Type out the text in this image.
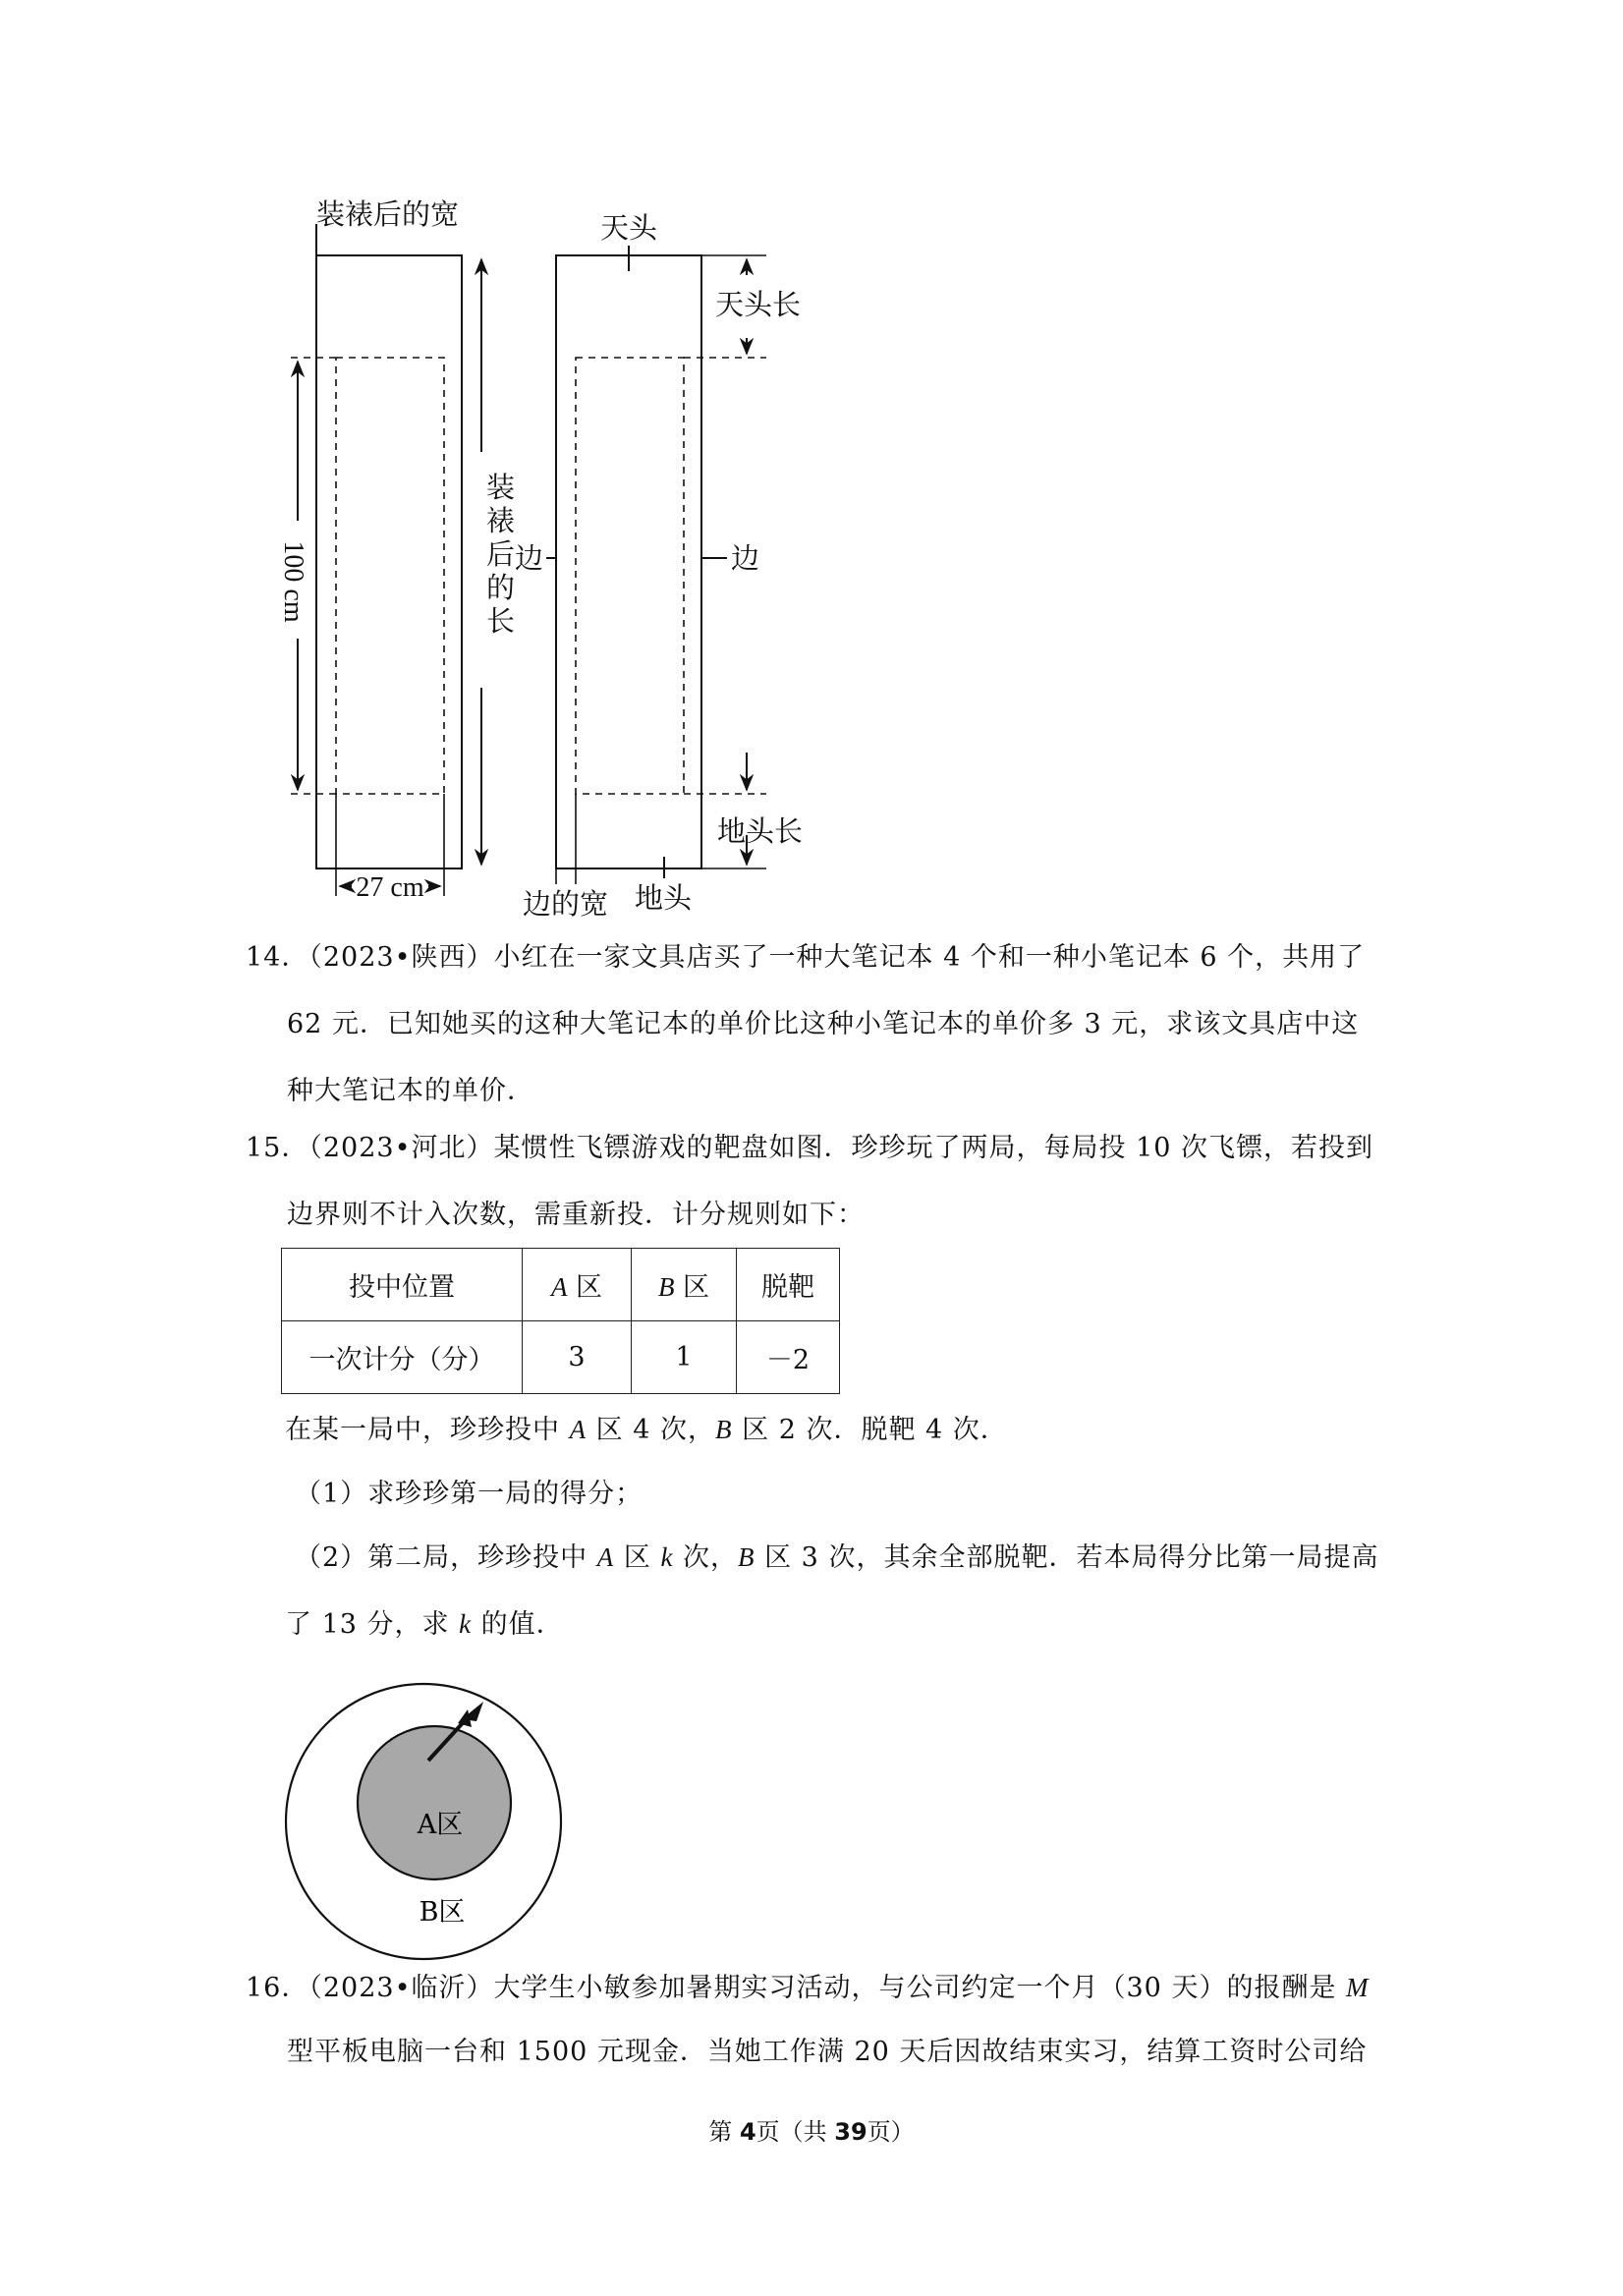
装裱后的宽
100 cm
27 cm
装
裱
后
的
长
天头
天头长
边	边
地头长
边的宽 地头
14．（2023•陕西）小红在一家文具店买了一种大笔记本 4 个和一种小笔记本 6 个，共用了
62 元．已知她买的这种大笔记本的单价比这种小笔记本的单价多 3 元，求该文具店中这
种大笔记本的单价．
15．（2023•河北）某惯性飞镖游戏的靶盘如图．珍珍玩了两局，每局投 10 次飞镖，若投到
边界则不计入次数，需重新投．计分规则如下：
投中位置	A 区	B 区	脱靶
一次计分（分）	3	1	－2
在某一局中，珍珍投中 A 区 4 次，B 区 2 次．脱靶 4 次．
（1）求珍珍第一局的得分；
（2）第二局，珍珍投中 A 区 k 次，B 区 3 次，其余全部脱靶．若本局得分比第一局提高
了 13 分，求 k 的值．
A区
B区
16．（2023•临沂）大学生小敏参加暑期实习活动，与公司约定一个月（30 天）的报酬是 M
型平板电脑一台和 1500 元现金．当她工作满 20 天后因故结束实习，结算工资时公司给
第 4页（共 39页）
